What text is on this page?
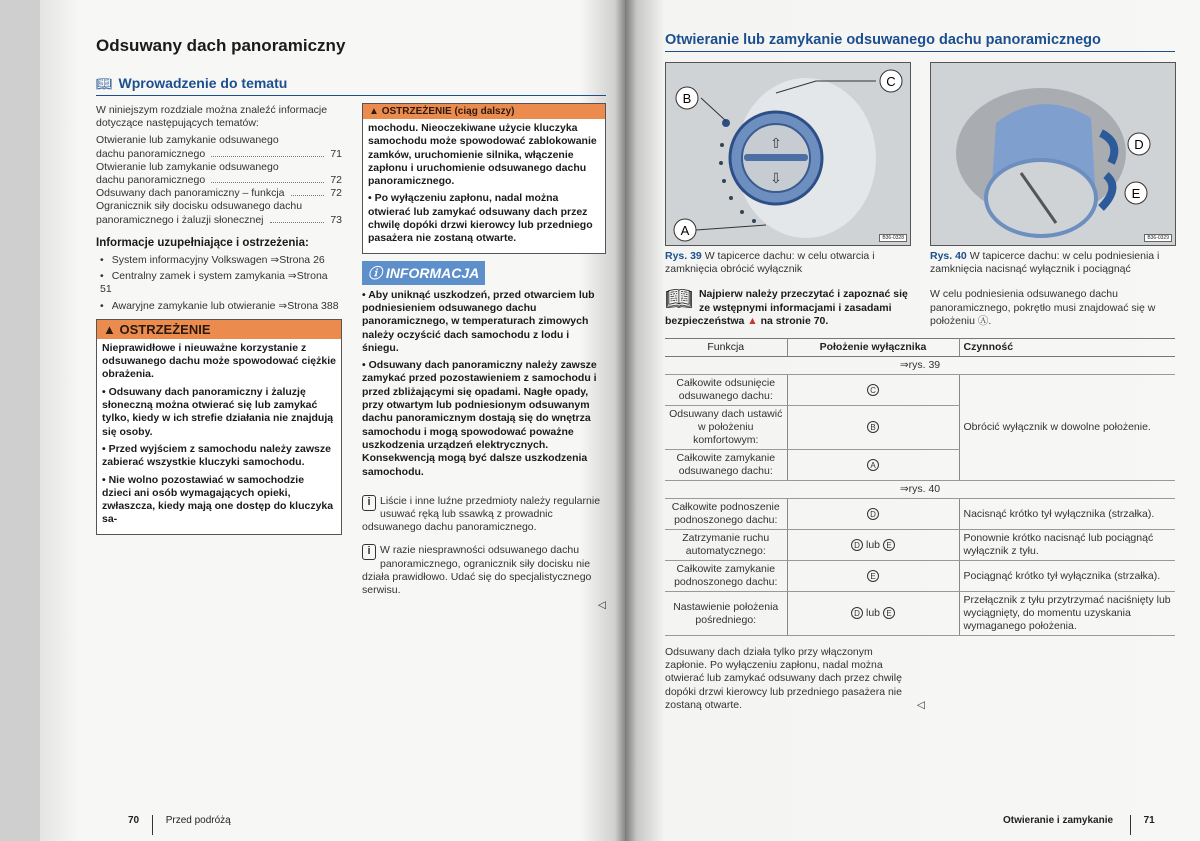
Odsuwany dach panoramiczny
📖︎ Wprowadzenie do tematu

W niniejszym rozdziale można znaleźć informacje dotyczące następujących tematów:

Otwieranie lub zamykanie odsuwanego
dachu panoramicznego	71
Otwieranie lub zamykanie odsuwanego
dachu panoramicznego	72
Odsuwany dach panoramiczny – funkcja	72
Ogranicznik siły docisku odsuwanego dachu
panoramicznego i żaluzji słonecznej	73

Informacje uzupełniające i ostrzeżenia:

• System informacyjny Volkswagen ⇒Strona 26
• Centralny zamek i system zamykania ⇒Strona 51
• Awaryjne zamykanie lub otwieranie ⇒Strona 388
▲ OSTRZEŻENIE

Nieprawidłowe i nieuważne korzystanie z odsuwanego dachu może spowodować ciężkie obrażenia.

• Odsuwany dach panoramiczny i żaluzję słoneczną można otwierać się lub zamykać tylko, kiedy w ich strefie działania nie znajdują się osoby.

• Przed wyjściem z samochodu należy zawsze zabierać wszystkie kluczyki samochodu.

• Nie wolno pozostawiać w samochodzie dzieci ani osób wymagających opieki, zwłaszcza, kiedy mają one dostęp do kluczyka sa-

▲ OSTRZEŻENIE (ciąg dalszy)

mochodu. Nieoczekiwane użycie kluczyka samochodu może spowodować zablokowanie zamków, uruchomienie silnika, włączenie zapłonu i uruchomienie odsuwanego dachu panoramicznego.

• Po wyłączeniu zapłonu, nadal można otwierać lub zamykać odsuwany dach przez chwilę dopóki drzwi kierowcy lub przedniego pasażera nie zostaną otwarte.

ⓘ INFORMACJA

• Aby uniknąć uszkodzeń, przed otwarciem lub podniesieniem odsuwanego dachu panoramicznego, w temperaturach zimowych należy oczyścić dach samochodu z lodu i śniegu.

• Odsuwany dach panoramiczny należy zawsze zamykać przed pozostawieniem z samochodu i przed zbliżającymi się opadami. Nagłe opady, przy otwartym lub podniesionym odsuwanym dachu panoramicznym dostają się do wnętrza samochodu i mogą spowodować poważne uszkodzenia urządzeń elektrycznych. Konsekwencją mogą być dalsze uszkodzenia samochodu.

i Liście i inne luźne przedmioty należy regularnie usuwać ręką lub ssawką z prowadnic odsuwanego dachu panoramicznego.
i W razie niesprawności odsuwanego dachu panoramicznego, ogranicznik siły docisku nie działa prawidłowo. Udać się do specjalistycznego serwisu.
◁
70	Przed podróżą
Otwieranie lub zamykanie odsuwanego dachu panoramicznego
⇧
⇩
C
B
A	B36-0328
D
E
B36-0329
Rys. 39 W tapicerce dachu: w celu otwarcia i zamknięcia obrócić wyłącznik
Rys. 40 W tapicerce dachu: w celu podniesienia i zamknięcia nacisnąć wyłącznik i pociągnąć
📖︎ Najpierw należy przeczytać i zapoznać się ze wstępnymi informacjami i zasadami bezpieczeństwa ▲ na stronie 70.
W celu podniesienia odsuwanego dachu panoramicznego, pokrętło musi znajdować się w położeniu Ⓐ.
Funkcja	Położenie wyłącznika	Czynność
⇒rys. 39		
Całkowite odsunięcie odsuwanego dachu:	C	Obrócić wyłącznik w dowolne położenie.
Odsuwany dach ustawić w położeniu komfortowym:	B	
Całkowite zamykanie odsuwanego dachu:	A	
⇒rys. 40		
Całkowite podnoszenie podnoszonego dachu:	D	Nacisnąć krótko tył wyłącznika (strzałka).
Zatrzymanie ruchu automatycznego:	D lub E	Ponownie krótko nacisnąć lub pociągnąć wyłącznik z tyłu.
Całkowite zamykanie podnoszonego dachu:	E	Pociągnąć krótko tył wyłącznika (strzałka).
Nastawienie położenia pośredniego:	D lub E	Przełącznik z tyłu przytrzymać naciśnięty lub wyciągnięty, do momentu uzyskania wymaganego położenia.
Odsuwany dach działa tylko przy włączonym zapłonie. Po wyłączeniu zapłonu, nadal można otwierać lub zamykać odsuwany dach przez chwilę dopóki drzwi kierowcy lub przedniego pasażera nie zostaną otwarte.	◁
Otwieranie i zamykanie	71
